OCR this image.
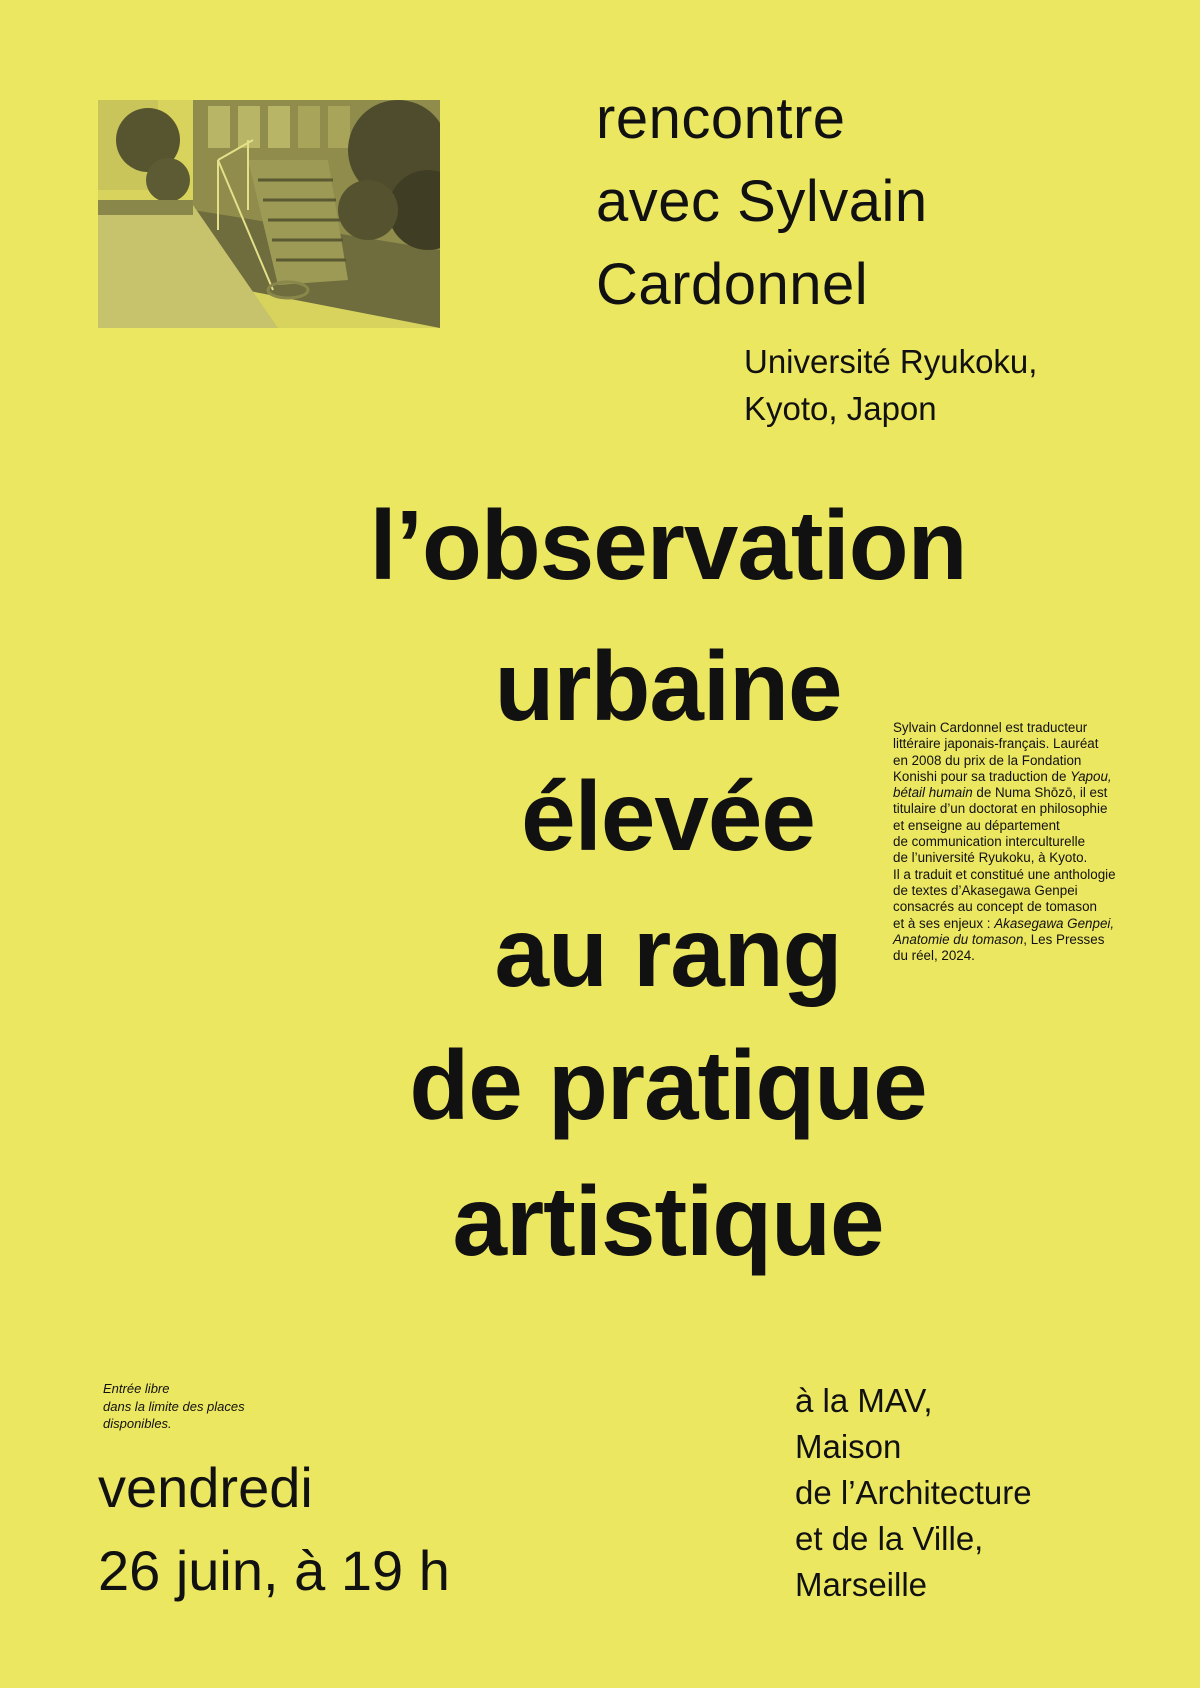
rencontre
avec Sylvain
Cardonnel
Université Ryukoku,
Kyoto, Japon
l’observation
urbaine
élevée
au rang
de pratique
artistique
Sylvain Cardonnel est traducteur
littéraire japonais-français. Lauréat
en 2008 du prix de la Fondation
Konishi pour sa traduction de Yapou,
bétail humain de Numa Shōzō, il est
titulaire d’un doctorat en philosophie
et enseigne au département
de communication interculturelle
de l’université Ryukoku, à Kyoto.
Il a traduit et constitué une anthologie
de textes d’Akasegawa Genpei
consacrés au concept de tomason
et à ses enjeux : Akasegawa Genpei,
Anatomie du tomason, Les Presses
du réel, 2024.
Entrée libre
dans la limite des places
disponibles.
vendredi
26 juin, à 19 h
à la MAV,
Maison
de l’Architecture
et de la Ville,
Marseille
